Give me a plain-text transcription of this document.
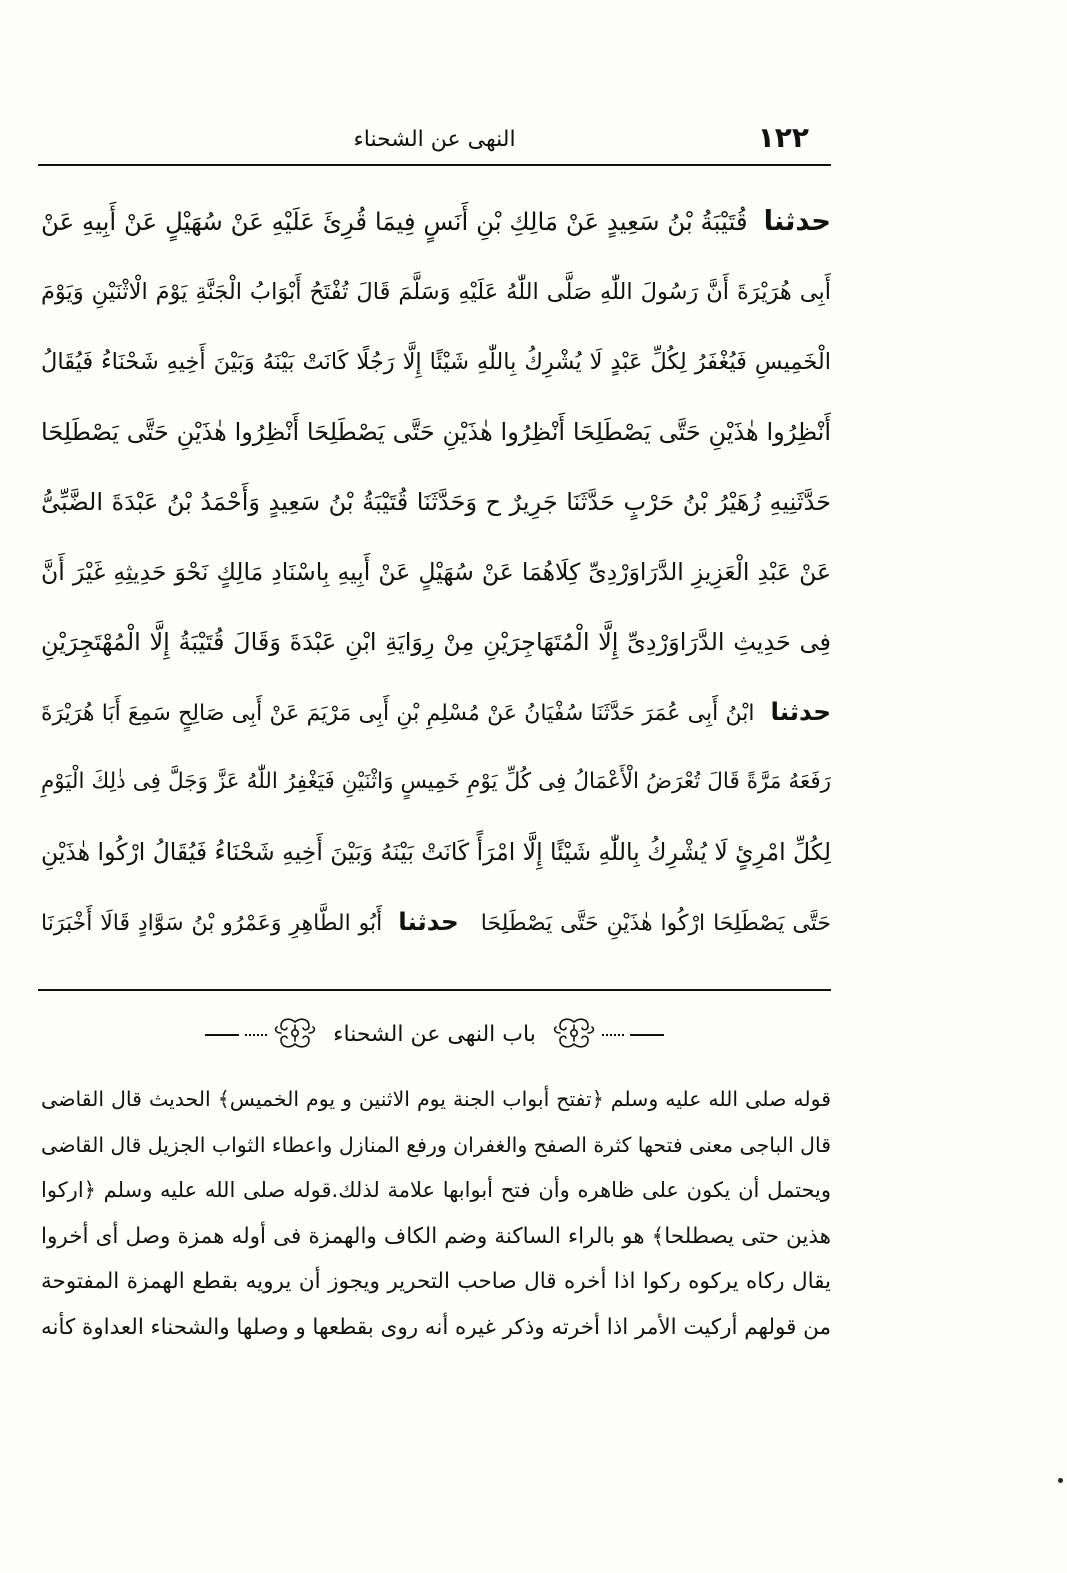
١٢٢
النهى عن الشحناء
حدثناقُتَيْبَةُ بْنُ سَعِيدٍ عَنْ مَالِكِ بْنِ أَنَسٍ فِيمَا قُرِئَ عَلَيْهِ عَنْ سُهَيْلٍ عَنْ أَبِيهِ عَنْ
أَبِى هُرَيْرَةَ أَنَّ رَسُولَ اللّٰهِ صَلَّى اللّٰهُ عَلَيْهِ وَسَلَّمَ قَالَ تُفْتَحُ أَبْوَابُ الْجَنَّةِ يَوْمَ الْاثْنَيْنِ وَيَوْمَ
الْخَمِيسِ فَيُغْفَرُ لِكُلِّ عَبْدٍ لَا يُشْرِكُ بِاللّٰهِ شَيْئًا إِلَّا رَجُلًا كَانَتْ بَيْنَهُ وَبَيْنَ أَخِيهِ شَحْنَاءُ فَيُقَالُ
أَنْظِرُوا هٰذَيْنِ حَتَّى يَصْطَلِحَا أَنْظِرُوا هٰذَيْنِ حَتَّى يَصْطَلِحَا أَنْظِرُوا هٰذَيْنِ حَتَّى يَصْطَلِحَا
حَدَّثَنِيهِ زُهَيْرُ بْنُ حَرْبٍ حَدَّثَنَا جَرِيرٌ ح وَحَدَّثَنَا قُتَيْبَةُ بْنُ سَعِيدٍ وَأَحْمَدُ بْنُ عَبْدَةَ الضَّبِّىُّ
عَنْ عَبْدِ الْعَزِيزِ الدَّرَاوَرْدِىِّ كِلَاهُمَا عَنْ سُهَيْلٍ عَنْ أَبِيهِ بِاسْنَادِ مَالِكٍ نَحْوَ حَدِيثِهِ غَيْرَ أَنَّ
فِى حَدِيثِ الدَّرَاوَرْدِىِّ إِلَّا الْمُتَهَاجِرَيْنِ مِنْ رِوَايَةِ ابْنِ عَبْدَةَ وَقَالَ قُتَيْبَةُ إِلَّا الْمُهْتَجِرَيْنِ
حدثناابْنُ أَبِى عُمَرَ حَدَّثَنَا سُفْيَانُ عَنْ مُسْلِمِ بْنِ أَبِى مَرْيَمَ عَنْ أَبِى صَالِحٍ سَمِعَ أَبَا هُرَيْرَةَ
رَفَعَهُ مَرَّةً قَالَ تُعْرَضُ الْأَعْمَالُ فِى كُلِّ يَوْمِ خَمِيسٍ وَاثْنَيْنِ فَيَغْفِرُ اللّٰهُ عَزَّ وَجَلَّ فِى ذٰلِكَ الْيَوْمِ
لِكُلِّ امْرِئٍ لَا يُشْرِكُ بِاللّٰهِ شَيْئًا إِلَّا امْرَأً كَانَتْ بَيْنَهُ وَبَيْنَ أَخِيهِ شَحْنَاءُ فَيُقَالُ ارْكُوا هٰذَيْنِ
حَتَّى يَصْطَلِحَا ارْكُوا هٰذَيْنِ حَتَّى يَصْطَلِحَاحدثناأَبُو الطَّاهِرِ وَعَمْرُو بْنُ سَوَّادٍ قَالَا أَخْبَرَنَا
باب النهى عن الشحناء
قوله صلى الله عليه وسلم ﴿تفتح أبواب الجنة يوم الاثنين و يوم الخميس﴾ الحديث قال القاضى
قال الباجى معنى فتحها كثرة الصفح والغفران ورفع المنازل واعطاء الثواب الجزيل قال القاضى
ويحتمل أن يكون على ظاهره وأن فتح أبوابها علامة لذلك.قوله صلى الله عليه وسلم ﴿اركوا
هذين حتى يصطلحا﴾ هو بالراء الساكنة وضم الكاف والهمزة فى أوله همزة وصل أى أخروا
يقال ركاه يركوه ركوا اذا أخره قال صاحب التحرير ويجوز أن يرويه بقطع الهمزة المفتوحة
من قولهم أركيت الأمر اذا أخرته وذكر غيره أنه روى بقطعها و وصلها والشحناء العداوة كأنه
